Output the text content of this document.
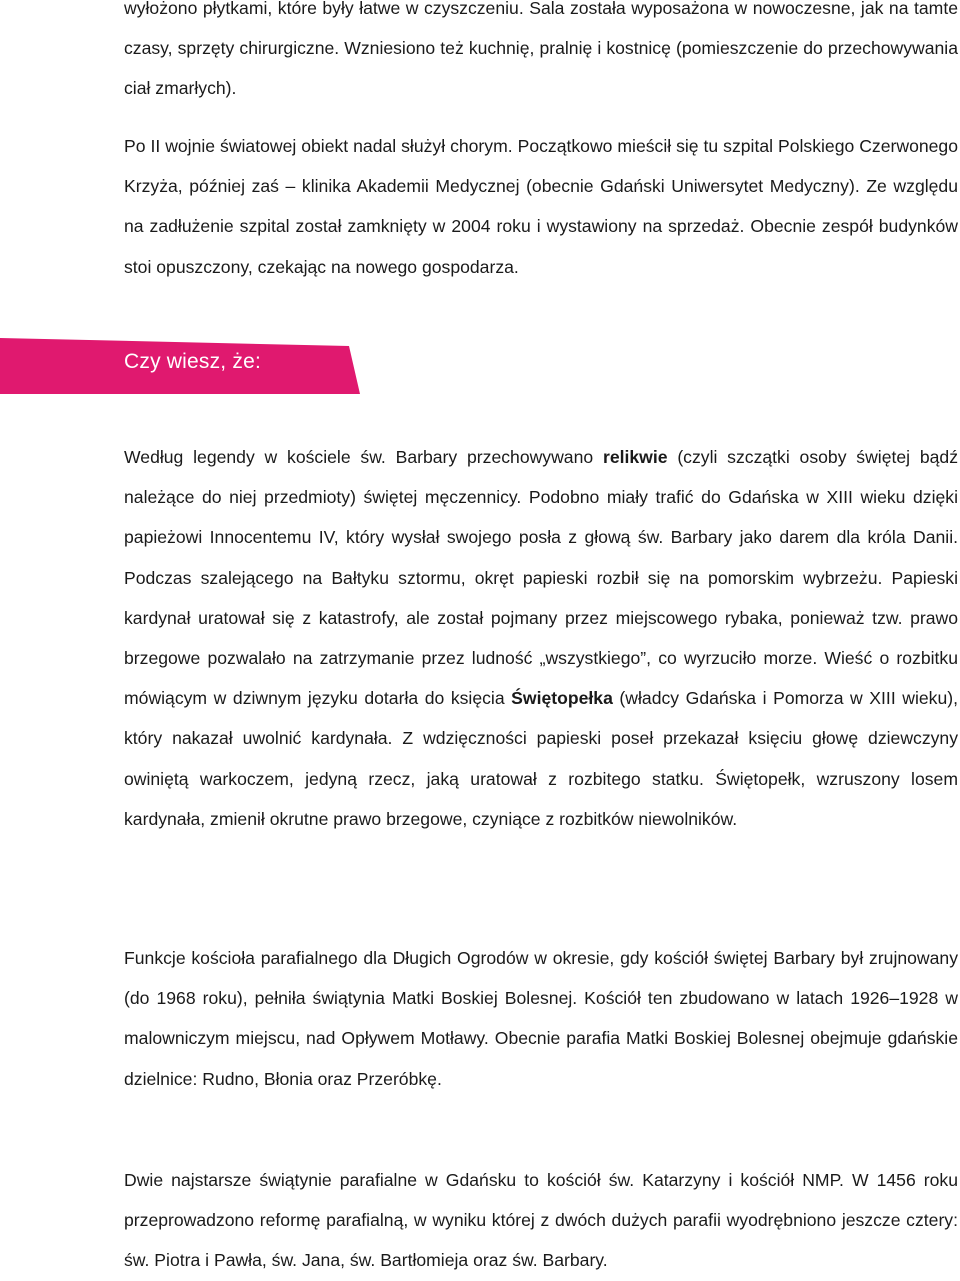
wyłożono płytkami, które były łatwe w czyszczeniu. Sala została wyposażona w nowoczesne, jak na tamte czasy, sprzęty chirurgiczne. Wzniesiono też kuchnię, pralnię i kostnicę (pomieszczenie do przechowywania ciał zmarłych).

Po II wojnie światowej obiekt nadal służył chorym. Początkowo mieścił się tu szpital Polskiego Czerwonego Krzyża, później zaś – klinika Akademii Medycznej (obecnie Gdański Uniwersytet Medyczny). Ze względu na zadłużenie szpital został zamknięty w 2004 roku i wystawiony na sprzedaż. Obecnie zespół budynków stoi opuszczony, czekając na nowego gospodarza.

Czy wiesz, że:

Według legendy w kościele św. Barbary przechowywano relikwie (czyli szczątki osoby świętej bądź należące do niej przedmioty) świętej męczennicy. Podobno miały trafić do Gdańska w XIII wieku dzięki papieżowi Innocentemu IV, który wysłał swojego posła z głową św. Barbary jako darem dla króla Danii. Podczas szalejącego na Bałtyku sztormu, okręt papieski rozbił się na pomorskim wybrzeżu. Papieski kardynał uratował się z katastrofy, ale został pojmany przez miejscowego rybaka, ponieważ tzw. prawo brzegowe pozwalało na zatrzymanie przez ludność „wszystkiego”, co wyrzuciło morze. Wieść o rozbitku mówiącym w dziwnym języku dotarła do księcia Świętopełka (władcy Gdańska i Pomorza w XIII wieku), który nakazał uwolnić kardynała. Z wdzięczności papieski poseł przekazał księciu głowę dziewczyny owiniętą warkoczem, jedyną rzecz, jaką uratował z rozbitego statku. Świętopełk, wzruszony losem kardynała, zmienił okrutne prawo brzegowe, czyniące z rozbitków niewolników.

Funkcje kościoła parafialnego dla Długich Ogrodów w okresie, gdy kościół świętej Barbary był zrujnowany (do 1968 roku), pełniła świątynia Matki Boskiej Bolesnej. Kościół ten zbudowano w latach 1926–1928 w malowniczym miejscu, nad Opływem Motławy. Obecnie parafia Matki Boskiej Bolesnej obejmuje gdańskie dzielnice: Rudno, Błonia oraz Przeróbkę.

Dwie najstarsze świątynie parafialne w Gdańsku to kościół św. Katarzyny i kościół NMP. W 1456 roku przeprowadzono reformę parafialną, w wyniku której z dwóch dużych parafii wyodrębniono jeszcze cztery: św. Piotra i Pawła, św. Jana, św. Bartłomieja oraz św. Barbary.
